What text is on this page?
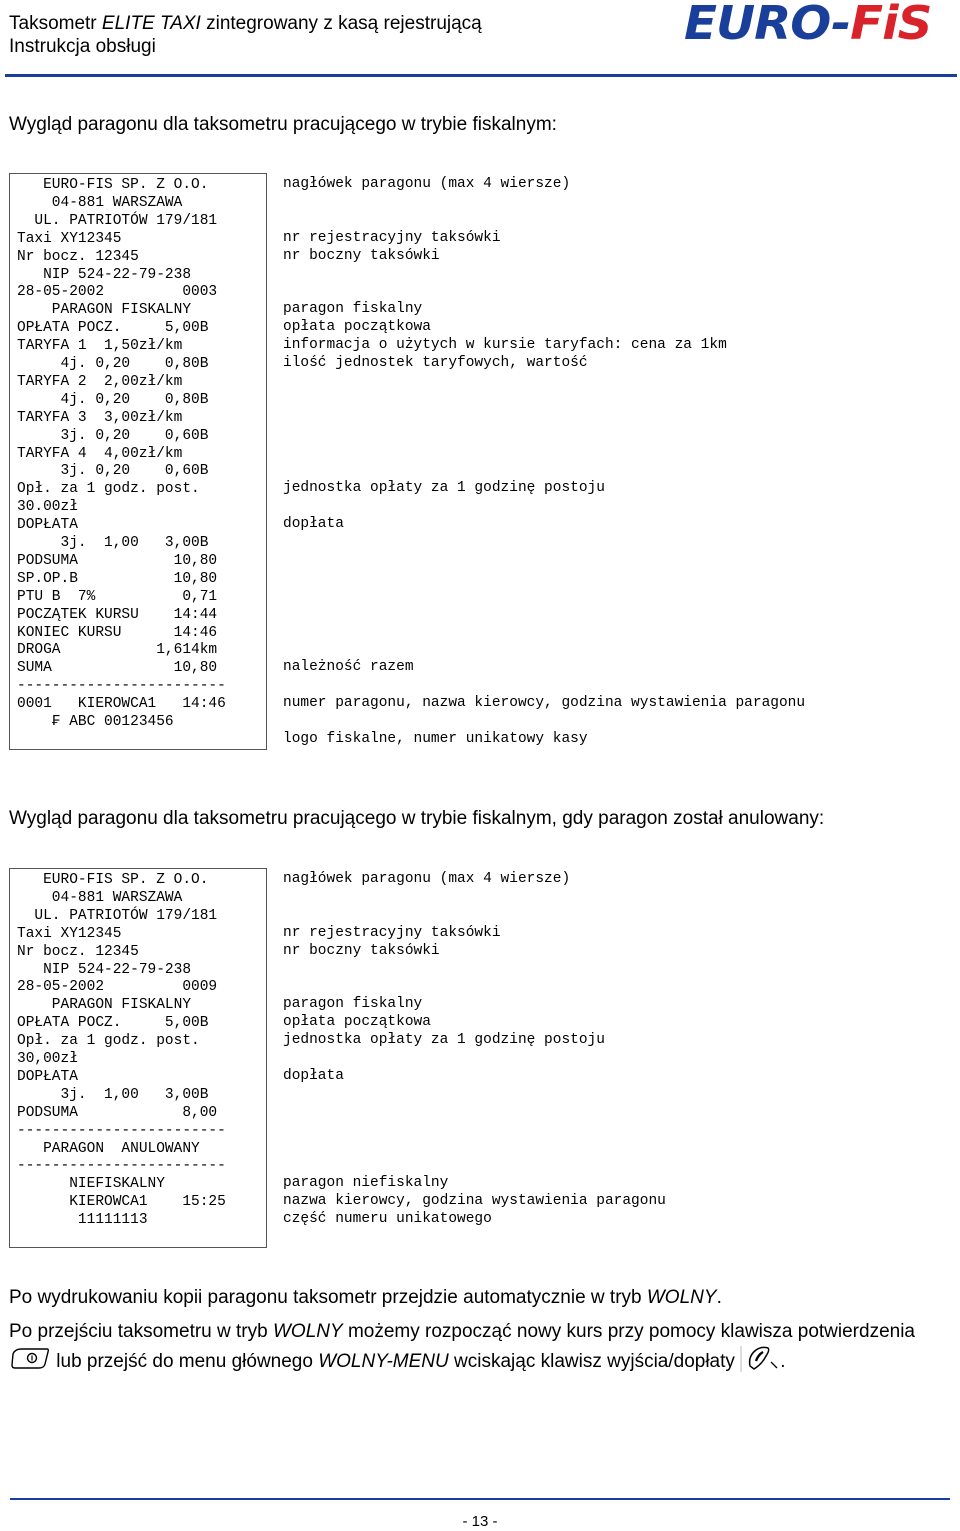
Taksometr ELITE TAXI zintegrowany z kasą rejestrującą
Instrukcja obsługi	EURO-FiS
Wygląd paragonu dla taksometru pracującego w trybie fiskalnym:
EURO-FIS SP. Z O.O.
04-881 WARSZAWA
UL. PATRIOTÓW 179/181
Taxi XY12345
Nr bocz. 12345
NIP 524-22-79-238
28-05-2002         0003
PARAGON FISKALNY
OPŁATA POCZ.     5,00B
TARYFA 1  1,50zł/km
4j. 0,20    0,80B
TARYFA 2  2,00zł/km
4j. 0,20    0,80B
TARYFA 3  3,00zł/km
3j. 0,20    0,60B
TARYFA 4  4,00zł/km
3j. 0,20    0,60B
Opł. za 1 godz. post.
30.00zł
DOPŁATA
3j.  1,00   3,00B
PODSUMA           10,80
SP.OP.B           10,80
PTU B  7%          0,71
POCZĄTEK KURSU    14:44
KONIEC KURSU      14:46
DROGA           1,614km
SUMA              10,80
------------------------
0001   KIEROWCA1   14:46
₣ ABC 00123456
nagłówek paragonu (max 4 wiersze)
nr rejestracyjny taksówki
nr boczny taksówki
paragon fiskalny
opłata początkowa
informacja o użytych w kursie taryfach: cena za 1km
ilość jednostek taryfowych, wartość
jednostka opłaty za 1 godzinę postoju
dopłata
należność razem
numer paragonu, nazwa kierowcy, godzina wystawienia paragonu
logo fiskalne, numer unikatowy kasy
Wygląd paragonu dla taksometru pracującego w trybie fiskalnym, gdy paragon został anulowany:
EURO-FIS SP. Z O.O.
04-881 WARSZAWA
UL. PATRIOTÓW 179/181
Taxi XY12345
Nr bocz. 12345
NIP 524-22-79-238
28-05-2002         0009
PARAGON FISKALNY
OPŁATA POCZ.     5,00B
Opł. za 1 godz. post.
30,00zł
DOPŁATA
3j.  1,00   3,00B
PODSUMA            8,00
------------------------
PARAGON  ANULOWANY
------------------------
NIEFISKALNY
KIEROWCA1    15:25
11111113
nagłówek paragonu (max 4 wiersze)
nr rejestracyjny taksówki
nr boczny taksówki
paragon fiskalny
opłata początkowa
jednostka opłaty za 1 godzinę postoju
dopłata
paragon niefiskalny
nazwa kierowcy, godzina wystawienia paragonu
część numeru unikatowego
Po wydrukowaniu kopii paragonu taksometr przejdzie automatycznie w tryb WOLNY.
Po przejściu taksometru w tryb WOLNY możemy rozpocząć nowy kurs przy pomocy klawisza potwierdzenia
lub przejść do menu głównego WOLNY-MENU wciskając klawisz wyjścia/dopłaty .
- 13 -
